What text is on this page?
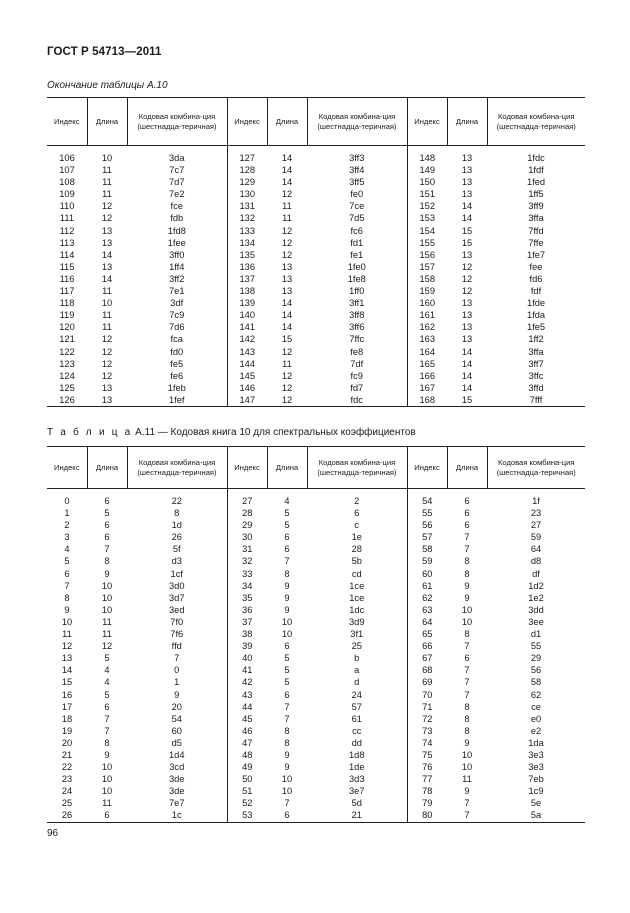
ГОСТ Р 54713—2011
Окончание таблицы А.10
Индекс	Длина	Кодовая комбина-ция (шестнадца-теричная)	Индекс	Длина	Кодовая комбина-ция (шестнадца-теричная)	Индекс	Длина	Кодовая комбина-ция (шестнадца-теричная)

106	10	3da	127	14	3ff3	148	13	1fdc
107	11	7c7	128	14	3ff4	149	13	1fdf
108	11	7d7	129	14	3ff5	150	13	1fed
109	11	7e2	130	12	fe0	151	13	1ff5
110	12	fce	131	11	7ce	152	14	3ff9
111	12	fdb	132	11	7d5	153	14	3ffa
112	13	1fd8	133	12	fc6	154	15	7ffd
113	13	1fee	134	12	fd1	155	15	7ffe
114	14	3ff0	135	12	fe1	156	13	1fe7
115	13	1ff4	136	13	1fe0	157	12	fee
116	14	3ff2	137	13	1fe8	158	12	fd6
117	11	7e1	138	13	1ff0	159	12	fdf
118	10	3df	139	14	3ff1	160	13	1fde
119	11	7c9	140	14	3ff8	161	13	1fda
120	11	7d6	141	14	3ff6	162	13	1fe5
121	12	fca	142	15	7ffc	163	13	1ff2
122	12	fd0	143	12	fe8	164	14	3ffa
123	12	fe5	144	11	7df	165	14	3ff7
124	12	fe6	145	12	fc9	166	14	3ffc
125	13	1feb	146	12	fd7	167	14	3ffd
126	13	1fef	147	12	fdc	168	15	7fff
Т а б л и ц а А.11 — Кодовая книга 10 для спектральных коэффициентов
Индекс	Длина	Кодовая комбина-ция (шестнадца-теричная)	Индекс	Длина	Кодовая комбина-ция (шестнадца-теричная)	Индекс	Длина	Кодовая комбина-ция (шестнадца-теричная)

0	6	22	27	4	2	54	6	1f
1	5	8	28	5	6	55	6	23
2	6	1d	29	5	c	56	6	27
3	6	26	30	6	1e	57	7	59
4	7	5f	31	6	28	58	7	64
5	8	d3	32	7	5b	59	8	d8
6	9	1cf	33	8	cd	60	8	df
7	10	3d0	34	9	1ce	61	9	1d2
8	10	3d7	35	9	1ce	62	9	1e2
9	10	3ed	36	9	1dc	63	10	3dd
10	11	7f0	37	10	3d9	64	10	3ee
11	11	7f6	38	10	3f1	65	8	d1
12	12	ffd	39	6	25	66	7	55
13	5	7	40	5	b	67	6	29
14	4	0	41	5	a	68	7	56
15	4	1	42	5	d	69	7	58
16	5	9	43	6	24	70	7	62
17	6	20	44	7	57	71	8	ce
18	7	54	45	7	61	72	8	e0
19	7	60	46	8	cc	73	8	e2
20	8	d5	47	8	dd	74	9	1da
21	9	1d4	48	9	1d8	75	10	3e3
22	10	3cd	49	9	1de	76	10	3e3
23	10	3de	50	10	3d3	77	11	7eb
24	10	3de	51	10	3e7	78	9	1c9
25	11	7e7	52	7	5d	79	7	5e
26	6	1c	53	6	21	80	7	5a
96
